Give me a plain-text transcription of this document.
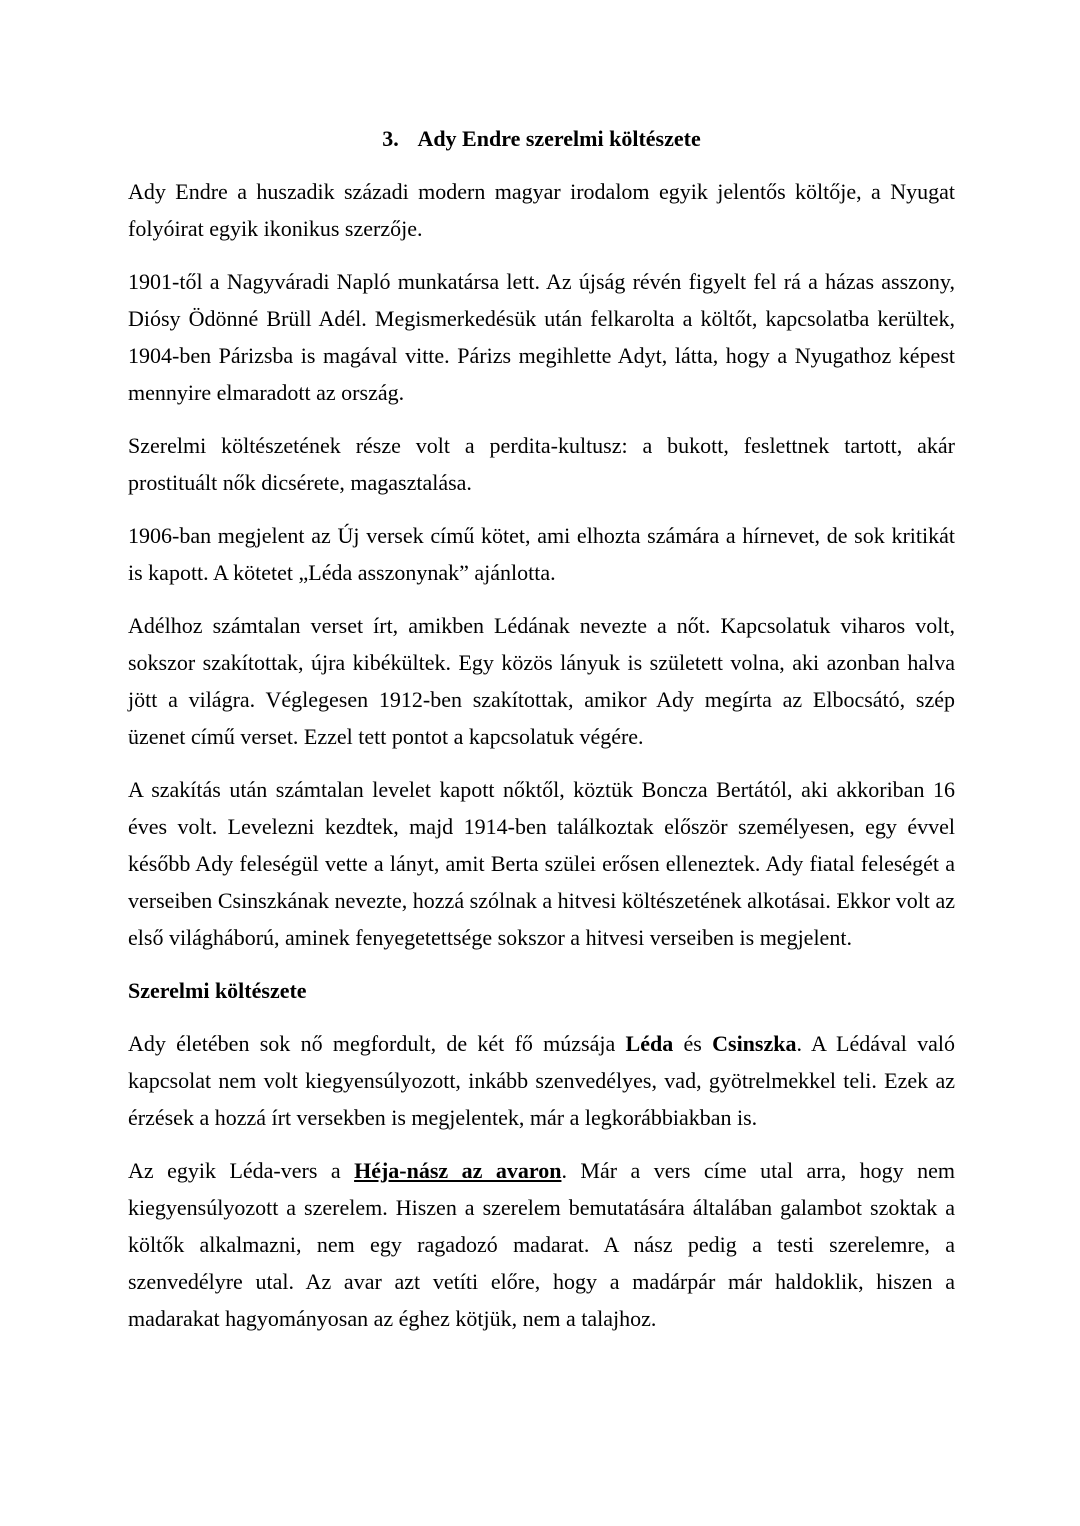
3. Ady Endre szerelmi költészete

Ady Endre a huszadik századi modern magyar irodalom egyik jelentős költője, a Nyugat folyóirat egyik ikonikus szerzője.

1901-től a Nagyváradi Napló munkatársa lett. Az újság révén figyelt fel rá a házas asszony, Diósy Ödönné Brüll Adél. Megismerkedésük után felkarolta a költőt, kapcsolatba kerültek, 1904-ben Párizsba is magával vitte. Párizs megihlette Adyt, látta, hogy a Nyugathoz képest mennyire elmaradott az ország.

Szerelmi költészetének része volt a perdita-kultusz: a bukott, feslettnek tartott, akár prostituált nők dicsérete, magasztalása.

1906-ban megjelent az Új versek című kötet, ami elhozta számára a hírnevet, de sok kritikát is kapott. A kötetet „Léda asszonynak” ajánlotta.

Adélhoz számtalan verset írt, amikben Lédának nevezte a nőt. Kapcsolatuk viharos volt, sokszor szakítottak, újra kibékültek. Egy közös lányuk is született volna, aki azonban halva jött a világra. Véglegesen 1912-ben szakítottak, amikor Ady megírta az Elbocsátó, szép üzenet című verset. Ezzel tett pontot a kapcsolatuk végére.

A szakítás után számtalan levelet kapott nőktől, köztük Boncza Bertától, aki akkoriban 16 éves volt. Levelezni kezdtek, majd 1914-ben találkoztak először személyesen, egy évvel később Ady feleségül vette a lányt, amit Berta szülei erősen elleneztek. Ady fiatal feleségét a verseiben Csinszkának nevezte, hozzá szólnak a hitvesi költészetének alkotásai. Ekkor volt az első világháború, aminek fenyegetettsége sokszor a hitvesi verseiben is megjelent.

Szerelmi költészete

Ady életében sok nő megfordult, de két fő múzsája Léda és Csinszka. A Lédával való kapcsolat nem volt kiegyensúlyozott, inkább szenvedélyes, vad, gyötrelmekkel teli. Ezek az érzések a hozzá írt versekben is megjelentek, már a legkorábbiakban is.

Az egyik Léda-vers a Héja-nász az avaron. Már a vers címe utal arra, hogy nem kiegyensúlyozott a szerelem. Hiszen a szerelem bemutatására általában galambot szoktak a költők alkalmazni, nem egy ragadozó madarat. A nász pedig a testi szerelemre, a szenvedélyre utal. Az avar azt vetíti előre, hogy a madárpár már haldoklik, hiszen a madarakat hagyományosan az éghez kötjük, nem a talajhoz.
